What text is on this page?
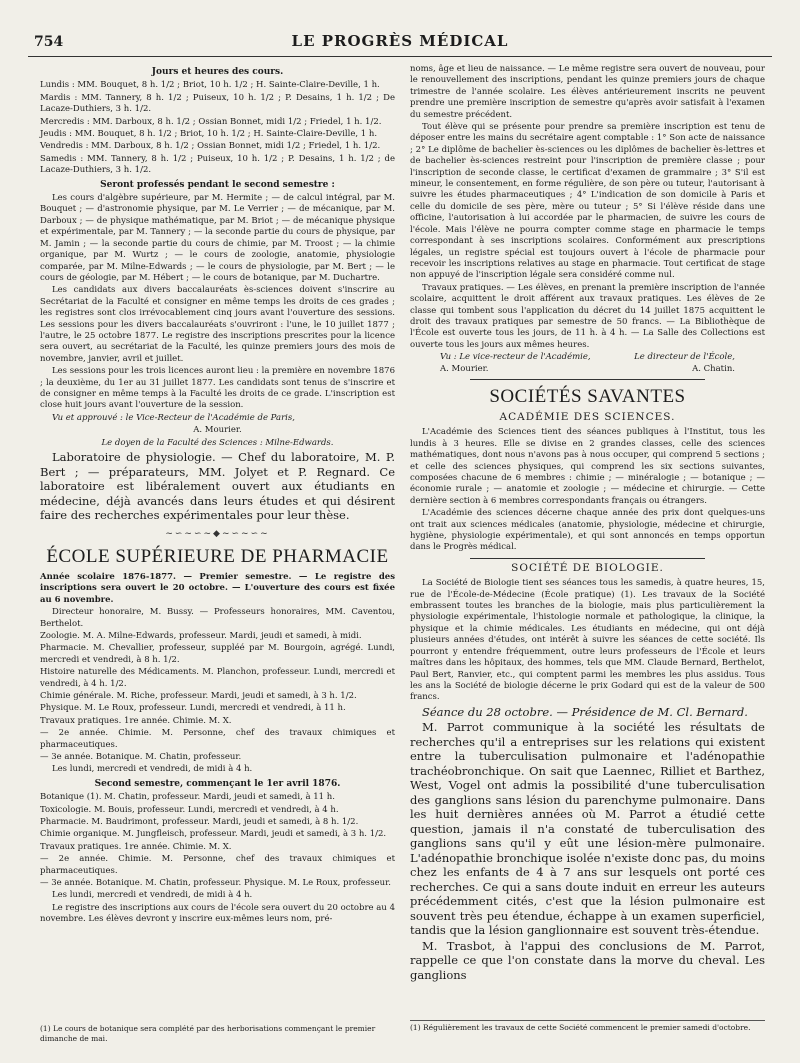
754	LE PROGRÈS MÉDICAL
Jours et heures des cours.

Lundis : MM. Bouquet, 8 h. 1/2 ; Briot, 10 h. 1/2 ; H. Sainte-Claire-Deville, 1 h.

Mardis : MM. Tannery, 8 h. 1/2 ; Puiseux, 10 h. 1/2 ; P. Desains, 1 h. 1/2 ; De Lacaze-Duthiers, 3 h. 1/2.

Mercredis : MM. Darboux, 8 h. 1/2 ; Ossian Bonnet, midi 1/2 ; Friedel, 1 h. 1/2.

Jeudis : MM. Bouquet, 8 h. 1/2 ; Briot, 10 h. 1/2 ; H. Sainte-Claire-Deville, 1 h.

Vendredis : MM. Darboux, 8 h. 1/2 ; Ossian Bonnet, midi 1/2 ; Friedel, 1 h. 1/2.

Samedis : MM. Tannery, 8 h. 1/2 ; Puiseux, 10 h. 1/2 ; P. Desains, 1 h. 1/2 ; de Lacaze-Duthiers, 3 h. 1/2.

Seront professés pendant le second semestre :

Les cours d'algèbre supérieure, par M. Hermite ; — de calcul intégral, par M. Bouquet ; — d'astronomie physique, par M. Le Verrier ; — de mécanique, par M. Darboux ; — de physique mathématique, par M. Briot ; — de mécanique physique et expérimentale, par M. Tannery ; — la seconde partie du cours de physique, par M. Jamin ; — la seconde partie du cours de chimie, par M. Troost ; — la chimie organique, par M. Wurtz ; — le cours de zoologie, anatomie, physiologie comparée, par M. Milne-Edwards ; — le cours de physiologie, par M. Bert ; — le cours de géologie, par M. Hébert ; — le cours de botanique, par M. Duchartre.

Les candidats aux divers baccalauréats ès-sciences doivent s'inscrire au Secrétariat de la Faculté et consigner en même temps les droits de ces grades ; les registres sont clos irrévocablement cinq jours avant l'ouverture des sessions. Les sessions pour les divers baccalauréats s'ouvriront : l'une, le 10 juillet 1877 ; l'autre, le 25 octobre 1877. Le registre des inscriptions prescrites pour la licence sera ouvert, au secrétariat de la Faculté, les quinze premiers jours des mois de novembre, janvier, avril et juillet.

Les sessions pour les trois licences auront lieu : la première en novembre 1876 ; la deuxième, du 1er au 31 juillet 1877. Les candidats sont tenus de s'inscrire et de consigner en même temps à la Faculté les droits de ce grade. L'inscription est close huit jours avant l'ouverture de la session.

Vu et approuvé : le Vice-Recteur de l'Académie de Paris,

A. Mourier.

Le doyen de la Faculté des Sciences : Milne-Edwards.

Laboratoire de physiologie. — Chef du laboratoire, M. P. Bert ; — préparateurs, MM. Jolyet et P. Regnard. Ce laboratoire est libéralement ouvert aux étudiants en médecine, déjà avancés dans leurs études et qui désirent faire des recherches expérimentales pour leur thèse.

~∽~∽~◆~∽~∽~
ÉCOLE SUPÉRIEURE DE PHARMACIE

Année scolaire 1876-1877. — Premier semestre. — Le registre des inscriptions sera ouvert le 20 octobre. — L'ouverture des cours est fixée au 6 novembre.

Directeur honoraire, M. Bussy. — Professeurs honoraires, MM. Caventou, Berthelot.

Zoologie. M. A. Milne-Edwards, professeur. Mardi, jeudi et samedi, à midi.

Pharmacie. M. Chevallier, professeur, suppléé par M. Bourgoin, agrégé. Lundi, mercredi et vendredi, à 8 h. 1/2.

Histoire naturelle des Médicaments. M. Planchon, professeur. Lundi, mercredi et vendredi, à 4 h. 1/2.

Chimie générale. M. Riche, professeur. Mardi, jeudi et samedi, à 3 h. 1/2.

Physique. M. Le Roux, professeur. Lundi, mercredi et vendredi, à 11 h.

Travaux pratiques. 1re année. Chimie. M. X.

— 2e année. Chimie. M. Personne, chef des travaux chimiques et pharmaceutiques.

— 3e année. Botanique. M. Chatin, professeur.

Les lundi, mercredi et vendredi, de midi à 4 h.

Second semestre, commençant le 1er avril 1876.

Botanique (1). M. Chatin, professeur. Mardi, jeudi et samedi, à 11 h.

Toxicologie. M. Bouis, professeur. Lundi, mercredi et vendredi, à 4 h.

Pharmacie. M. Baudrimont, professeur. Mardi, jeudi et samedi, à 8 h. 1/2.

Chimie organique. M. Jungfleisch, professeur. Mardi, jeudi et samedi, à 3 h. 1/2.

Travaux pratiques. 1re année. Chimie. M. X.

— 2e année. Chimie. M. Personne, chef des travaux chimiques et pharmaceutiques.

— 3e année. Botanique. M. Chatin, professeur. Physique. M. Le Roux, professeur.

Les lundi, mercredi et vendredi, de midi à 4 h.

Le registre des inscriptions aux cours de l'école sera ouvert du 20 octobre au 4 novembre. Les élèves devront y inscrire eux-mêmes leurs nom, pré-

(1) Le cours de botanique sera complété par des herborisations commençant le premier dimanche de mai.

noms, âge et lieu de naissance. — Le même registre sera ouvert de nouveau, pour le renouvellement des inscriptions, pendant les quinze premiers jours de chaque trimestre de l'année scolaire. Les élèves antérieurement inscrits ne peuvent prendre une première inscription de semestre qu'après avoir satisfait à l'examen du semestre précédent.

Tout élève qui se présente pour prendre sa première inscription est tenu de déposer entre les mains du secrétaire agent comptable : 1° Son acte de naissance ; 2° Le diplôme de bachelier ès-sciences ou les diplômes de bachelier ès-lettres et de bachelier ès-sciences restreint pour l'inscription de première classe ; pour l'inscription de seconde classe, le certificat d'examen de grammaire ; 3° S'il est mineur, le consentement, en forme régulière, de son père ou tuteur, l'autorisant à suivre les études pharmaceutiques ; 4° L'indication de son domicile à Paris et celle du domicile de ses père, mère ou tuteur ; 5° Si l'élève réside dans une officine, l'autorisation à lui accordée par le pharmacien, de suivre les cours de l'école. Mais l'élève ne pourra compter comme stage en pharmacie le temps correspondant à ses inscriptions scolaires. Conformément aux prescriptions légales, un registre spécial est toujours ouvert à l'école de pharmacie pour recevoir les inscriptions relatives au stage en pharmacie. Tout certificat de stage non appuyé de l'inscription légale sera considéré comme nul.

Travaux pratiques. — Les élèves, en prenant la première inscription de l'année scolaire, acquittent le droit afférent aux travaux pratiques. Les élèves de 2e classe qui tombent sous l'application du décret du 14 juillet 1875 acquittent le droit des travaux pratiques par semestre de 50 francs. — La Bibliothèque de l'École est ouverte tous les jours, de 11 h. à 4 h. — La Salle des Collections est ouverte tous les jours aux mêmes heures.

Vu : Le vice-recteur de l'Académie,	Le directeur de l'École,
A. Mourier.	A. Chatin.
SOCIÉTÉS SAVANTES
ACADÉMIE DES SCIENCES.

L'Académie des Sciences tient des séances publiques à l'Institut, tous les lundis à 3 heures. Elle se divise en 2 grandes classes, celle des sciences mathématiques, dont nous n'avons pas à nous occuper, qui comprend 5 sections ; et celle des sciences physiques, qui comprend les six sections suivantes, composées chacune de 6 membres : chimie ; — minéralogie ; — botanique ; — économie rurale ; — anatomie et zoologie ; — médecine et chirurgie. — Cette dernière section à 6 membres correspondants français ou étrangers.

L'Académie des sciences décerne chaque année des prix dont quelques-uns ont trait aux sciences médicales (anatomie, physiologie, médecine et chirurgie, hygiène, physiologie expérimentale), et qui sont annoncés en temps opportun dans le Progrès médical.

SOCIÉTÉ DE BIOLOGIE.

La Société de Biologie tient ses séances tous les samedis, à quatre heures, 15, rue de l'École-de-Médecine (École pratique) (1). Les travaux de la Société embrassent toutes les branches de la biologie, mais plus particulièrement la physiologie expérimentale, l'histologie normale et pathologique, la clinique, la physique et la chimie médicales. Les étudiants en médecine, qui ont déjà plusieurs années d'études, ont intérêt à suivre les séances de cette société. Ils pourront y entendre fréquemment, outre leurs professeurs de l'École et leurs maîtres dans les hôpitaux, des hommes, tels que MM. Claude Bernard, Berthelot, Paul Bert, Ranvier, etc., qui comptent parmi les membres les plus assidus. Tous les ans la Société de biologie décerne le prix Godard qui est de la valeur de 500 francs.

Séance du 28 octobre. — Présidence de M. Cl. Bernard.

M. Parrot communique à la société les résultats de recherches qu'il a entreprises sur les relations qui existent entre la tuberculisation pulmonaire et l'adénopathie trachéobronchique. On sait que Laennec, Rilliet et Barthez, West, Vogel ont admis la possibilité d'une tuberculisation des ganglions sans lésion du parenchyme pulmonaire. Dans les huit dernières années où M. Parrot a étudié cette question, jamais il n'a constaté de tuberculisation des ganglions sans qu'il y eût une lésion-mère pulmonaire. L'adénopathie bronchique isolée n'existe donc pas, du moins chez les enfants de 4 à 7 ans sur lesquels ont porté ces recherches. Ce qui a sans doute induit en erreur les auteurs précédemment cités, c'est que la lésion pulmonaire est souvent très peu étendue, échappe à un examen superficiel, tandis que la lésion ganglionnaire est souvent très-étendue.

M. Trasbot, à l'appui des conclusions de M. Parrot, rappelle ce que l'on constate dans la morve du cheval. Les ganglions

(1) Régulièrement les travaux de cette Société commencent le premier samedi d'octobre.
